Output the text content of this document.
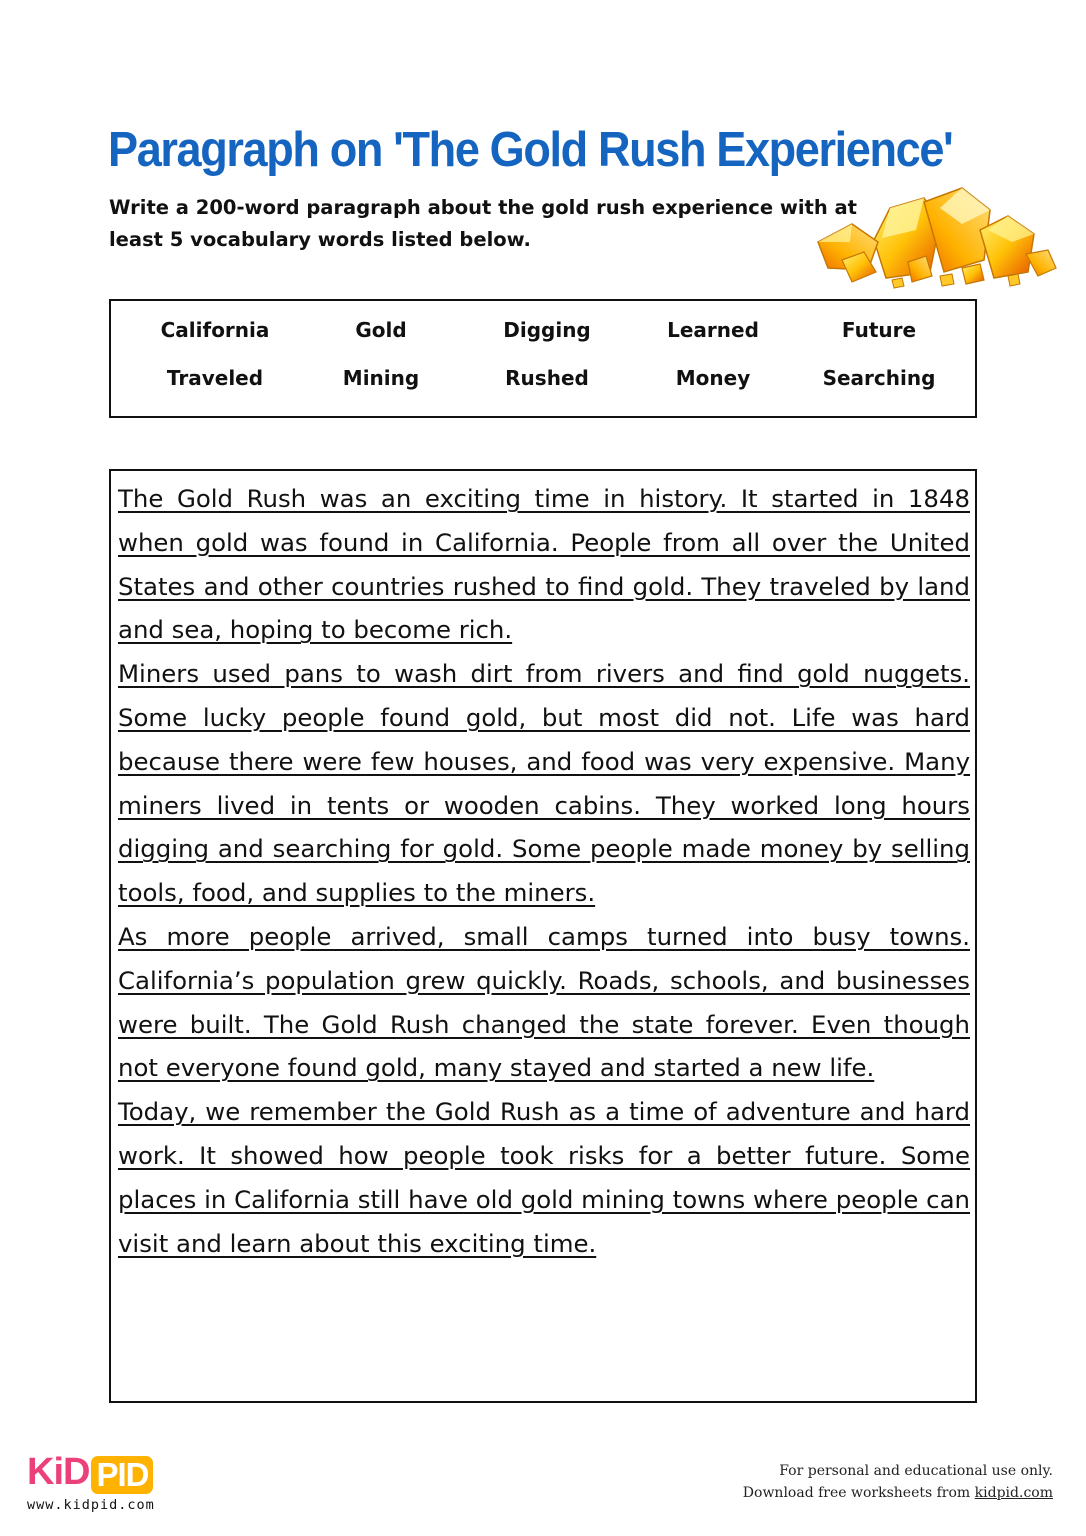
Paragraph on 'The Gold Rush Experience'
Write a 200-word paragraph about the gold rush experience with at least 5 vocabulary words listed below.
California	Gold	Digging	Learned	Future
Traveled	Mining	Rushed	Money	Searching

The Gold Rush was an exciting time in history. It started in 1848 when gold was found in California. People from all over the United States and other countries rushed to find gold. They traveled by land and sea, hoping to become rich.

Miners used pans to wash dirt from rivers and find gold nuggets. Some lucky people found gold, but most did not. Life was hard because there were few houses, and food was very expensive. Many miners lived in tents or wooden cabins. They worked long hours digging and searching for gold. Some people made money by selling tools, food, and supplies to the miners.

As more people arrived, small camps turned into busy towns. California’s population grew quickly. Roads, schools, and businesses were built. The Gold Rush changed the state forever. Even though not everyone found gold, many stayed and started a new life.

Today, we remember the Gold Rush as a time of adventure and hard work. It showed how people took risks for a better future. Some places in California still have old gold mining towns where people can visit and learn about this exciting time.

KiD PID
www.kidpid.com
For personal and educational use only.
Download free worksheets from kidpid.com
